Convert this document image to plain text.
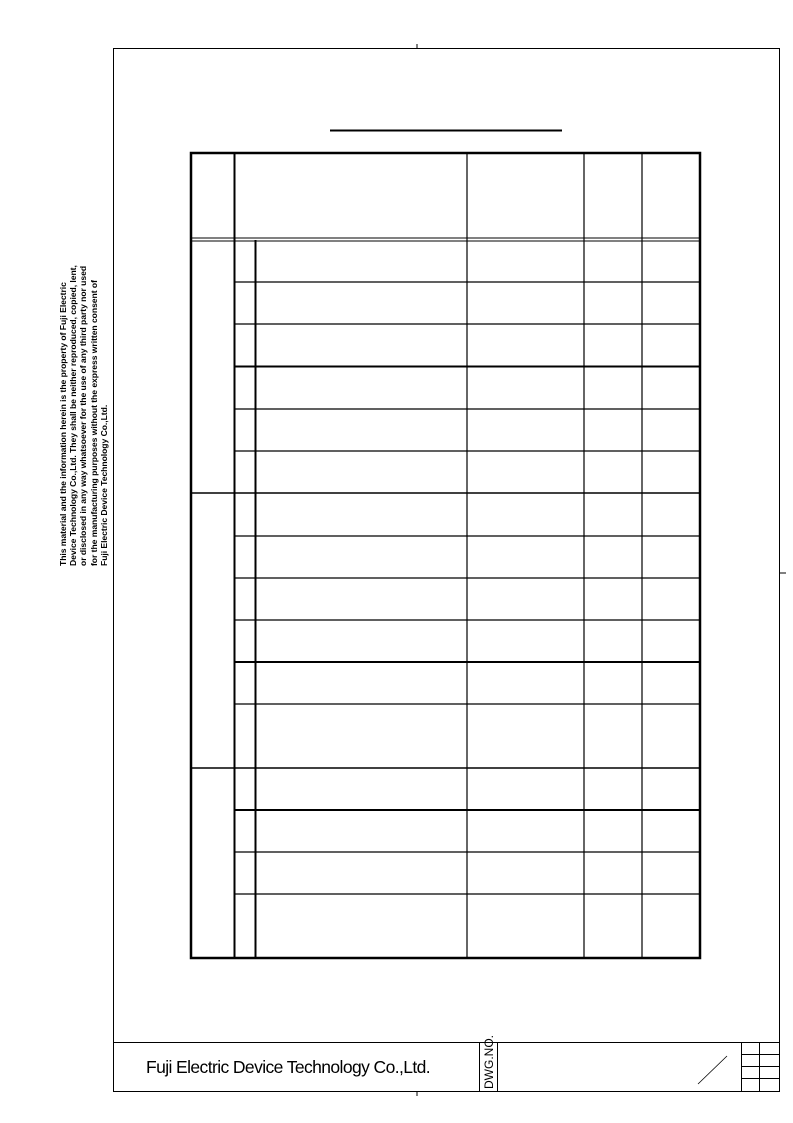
This material and the information herein is the property of Fuji Electric Device Technology Co.,Ltd. They shall be neither reproduced, copied, lent, or disclosed in any way whatsoever for the use of any third party nor used for the manufacturing purposes without the express written consent of Fuji Electric Device Technology Co.,Ltd.
Fuji Electric Device Technology Co.,Ltd.	DWG.NO.
